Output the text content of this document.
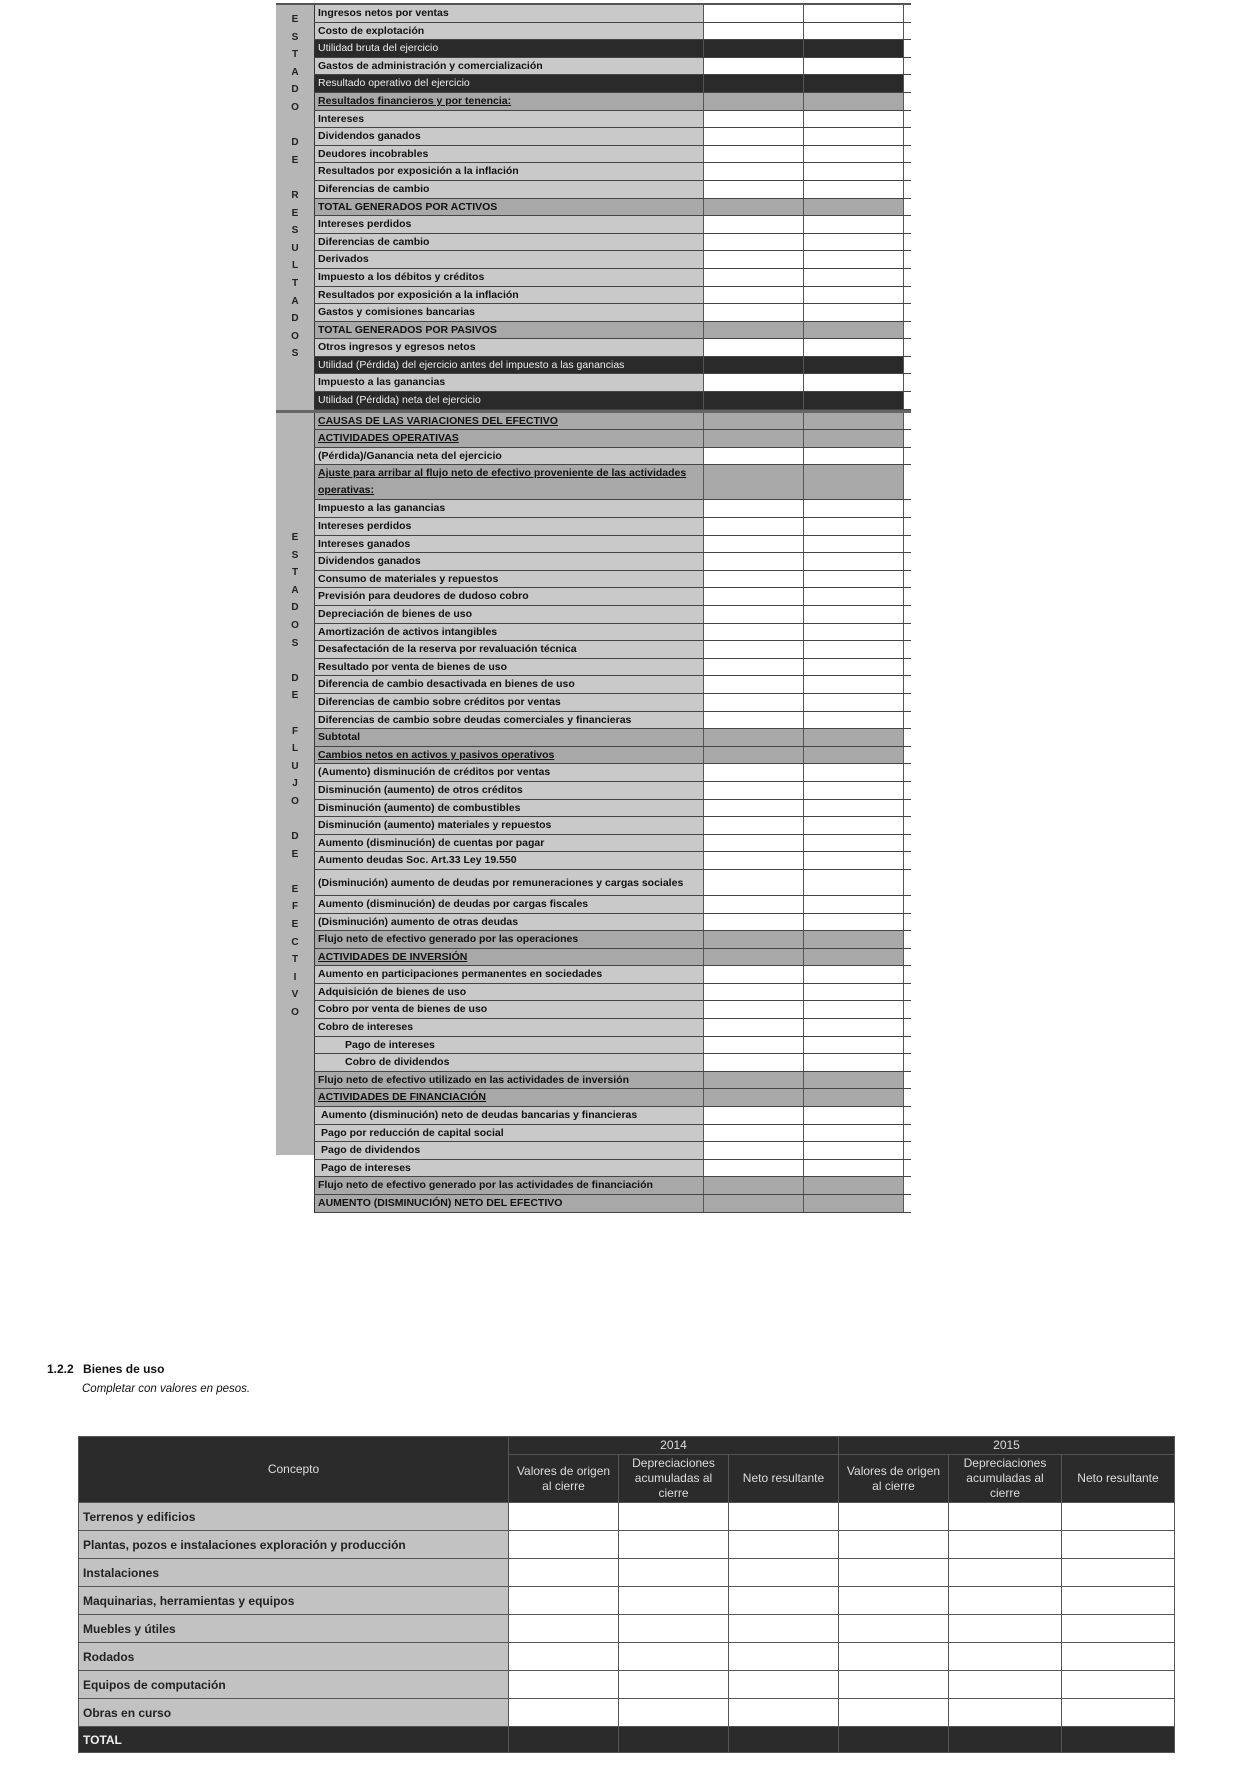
E
S
T
A
D
O
D
E
R
E
S
U
L
T
A
D
O
S
E
S
T
A
D
O
S
D
E
F
L
U
J
O
D
E
E
F
E
C
T
I
V
O
Ingresos netos por ventas
Costo de explotación
Utilidad bruta del ejercicio
Gastos de administración y comercialización
Resultado operativo del ejercicio
Resultados financieros y por tenencia:
Intereses
Dividendos ganados
Deudores incobrables
Resultados por exposición a la inflación
Diferencias de cambio
TOTAL GENERADOS POR ACTIVOS
Intereses perdidos
Diferencias de cambio
Derivados
Impuesto a los débitos y créditos
Resultados por exposición a la inflación
Gastos y comisiones bancarias
TOTAL GENERADOS POR PASIVOS
Otros ingresos y egresos netos
Utilidad (Pérdida) del ejercicio antes del impuesto a las ganancias
Impuesto a las ganancias
Utilidad (Pérdida) neta del ejercicio
CAUSAS DE LAS VARIACIONES DEL EFECTIVO
ACTIVIDADES OPERATIVAS
(Pérdida)/Ganancia neta del ejercicio
Ajuste para arribar al flujo neto de efectivo proveniente de las actividades operativas:
Impuesto a las ganancias
Intereses perdidos
Intereses ganados
Dividendos ganados
Consumo de materiales y repuestos
Previsión para deudores de dudoso cobro
Depreciación de bienes de uso
Amortización de activos intangibles
Desafectación de la reserva por revaluación técnica
Resultado por venta de bienes de uso
Diferencia de cambio desactivada en bienes de uso
Diferencias de cambio sobre créditos por ventas
Diferencias de cambio sobre deudas comerciales y financieras
Subtotal
Cambios netos en activos y pasivos operativos
(Aumento) disminución de créditos por ventas
Disminución (aumento) de otros créditos
Disminución (aumento) de combustibles
Disminución (aumento) materiales y repuestos
Aumento (disminución) de cuentas por pagar
Aumento deudas Soc. Art.33 Ley 19.550
(Disminución) aumento de deudas por remuneraciones y cargas sociales
Aumento (disminución) de deudas por cargas fiscales
(Disminución) aumento de otras deudas
Flujo neto de efectivo generado por las operaciones
ACTIVIDADES DE INVERSIÓN
Aumento en participaciones permanentes en sociedades
Adquisición de bienes de uso
Cobro por venta de bienes de uso
Cobro de intereses
Pago de intereses
Cobro de dividendos
Flujo neto de efectivo utilizado en las actividades de inversión
ACTIVIDADES DE FINANCIACIÓN
Aumento (disminución) neto de deudas bancarias y financieras
Pago por reducción de capital social
Pago de dividendos
Pago de intereses
Flujo neto de efectivo generado por las actividades de financiación
AUMENTO (DISMINUCIÓN) NETO DEL EFECTIVO
1.2.2 Bienes de uso
Completar con valores en pesos.
Concepto	2014			2015		
	Valores de origen al cierre	Depreciaciones acumuladas al cierre	Neto resultante	Valores de origen al cierre	Depreciaciones acumuladas al cierre	Neto resultante
Terrenos y edificios						
Plantas, pozos e instalaciones exploración y producción						
Instalaciones						
Maquinarias, herramientas y equipos						
Muebles y útiles						
Rodados						
Equipos de computación						
Obras en curso						
TOTAL						
